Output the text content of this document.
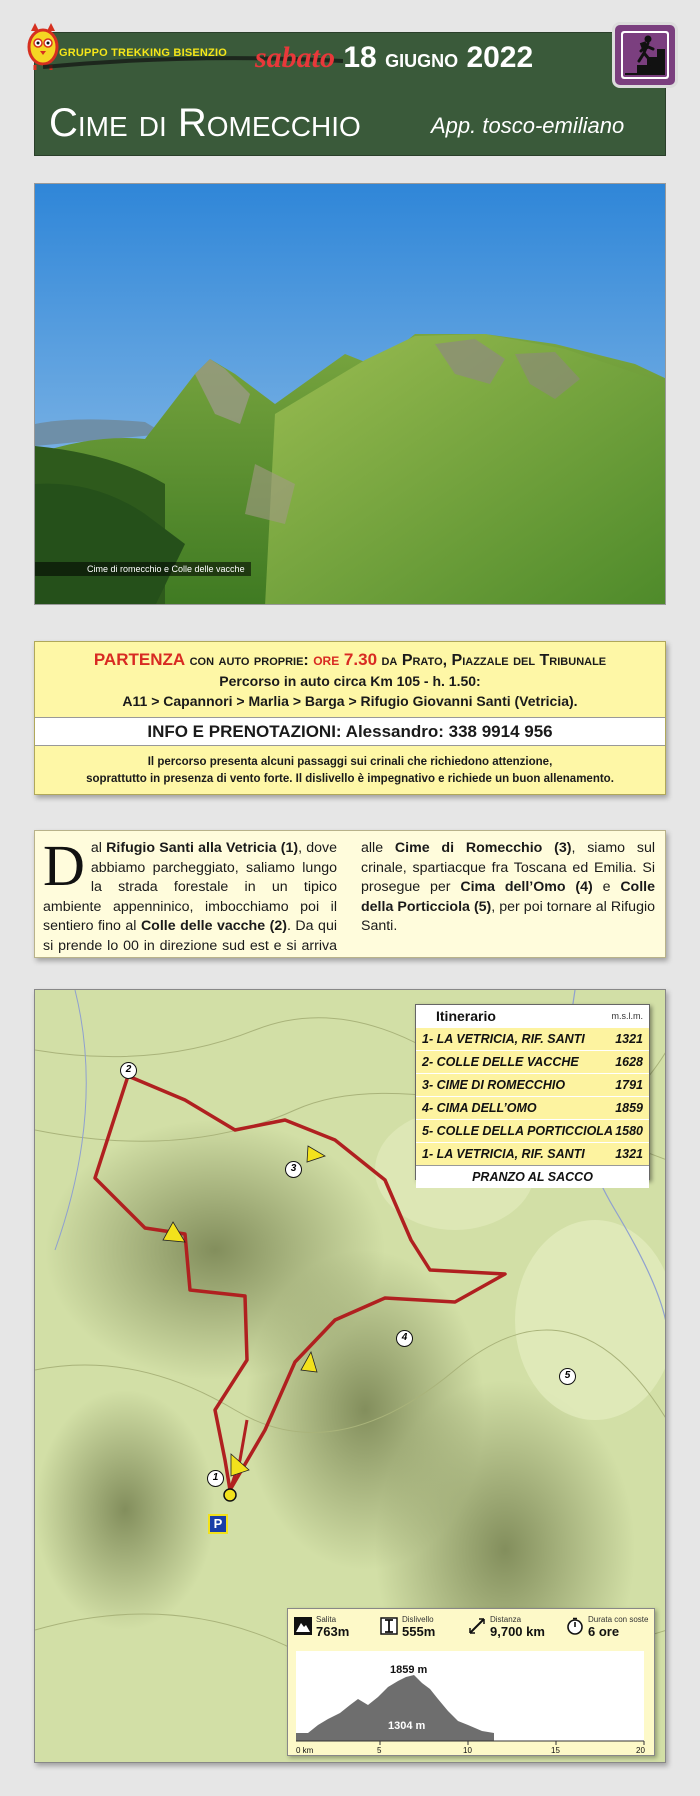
GRUPPO TREKKING BISENZIO sabato 18 giugno 2022
Cime di Romecchio	App. tosco-emiliano
Cime di romecchio e Colle delle vacche
PARTENZA con auto proprie: ore 7.30 da Prato, Piazzale del Tribunale
Percorso in auto circa Km 105 - h. 1.50:
A11 > Capannori > Marlia > Barga > Rifugio Giovanni Santi (Vetricia).
INFO E PRENOTAZIONI: Alessandro: 338 9914 956
Il percorso presenta alcuni passaggi sui crinali che richiedono attenzione,
soprattutto in presenza di vento forte. Il dislivello è impegnativo e richiede un buon allenamento.
Dal Rifugio Santi alla Vetricia (1), dove abbiamo parcheggiato, saliamo lungo la strada forestale in un tipico ambiente appenninico, imbocchiamo poi il sentiero fino al Colle delle vacche (2). Da qui si prende lo 00 in direzione sud est e si arriva alle Cime di Romecchio (3), siamo sul crinale, spartiacque fra Toscana ed Emilia. Si prosegue per Cima dell’Omo (4) e Colle della Porticciola (5), per poi tornare al Rifugio Santi.
1
2
3
4
5
P
Itinerario	m.s.l.m.
1- LA VETRICIA, RIF. SANTI 1321
2- COLLE DELLE VACCHE	1628
3- CIME DI ROMECCHIO	1791
4- CIMA DELL’OMO	1859
5- COLLE DELLA PORTICCIOLA 1580
1- LA VETRICIA, RIF. SANTI 1321
PRANZO AL SACCO
Salita
763m
Dislivello
555m
Distanza
9,700 km
Durata con soste
6 ore
1859 m
1304 m
0 km	5	10	15	20
